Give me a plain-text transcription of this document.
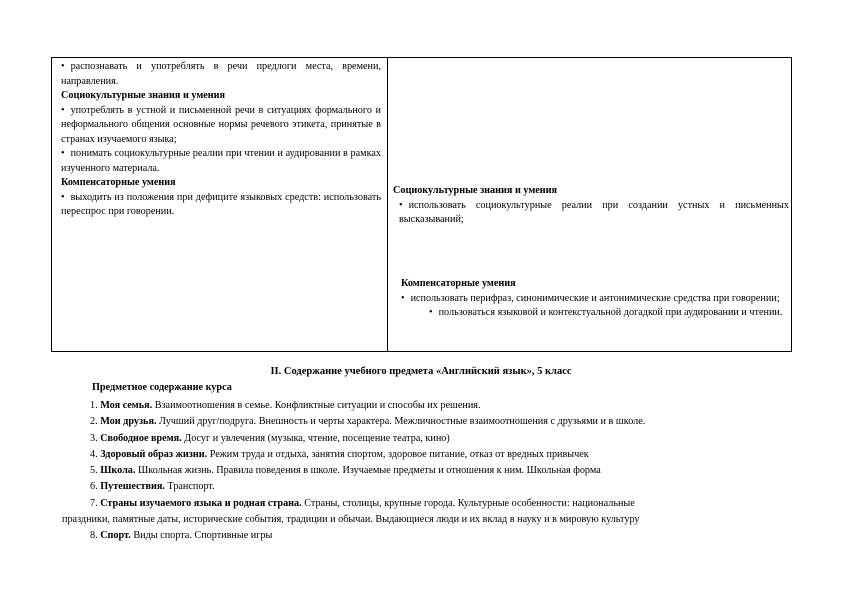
• распознавать и употреблять в речи предлоги места, времени, направления.

Социокультурные знания и умения

• употреблять в устной и письменной речи в ситуациях формального и неформального общения основные нормы речевого этикета, принятые в странах изучаемого языка;

• понимать социокультурные реалии при чтении и аудировании в рамках изученного материала.

Компенсаторные умения

• выходить из положения при дефиците языковых средств: использовать переспрос при говорении.

Социокультурные знания и умения

• использовать социокультурные реалии при создании устных и письменных высказываний;

Компенсаторные умения

• использовать перифраз, синонимические и антонимические средства при говорении;

• пользоваться языковой и контекстуальной догадкой при аудировании и чтении.

II. Содержание учебного предмета «Английский язык», 5 класс
Предметное содержание курса
1. Моя семья. Взаимоотношения в семье. Конфликтные ситуации и способы их решения.
2. Мои друзья. Лучший друг/подруга. Внешность и черты характера. Межличностные взаимоотношения с друзьями и в школе.
3. Свободное время. Досуг и увлечения (музыка, чтение, посещение театра, кино)
4. Здоровый образ жизни. Режим труда и отдыха, занятия спортом, здоровое питание, отказ от вредных привычек
5. Школа. Школьная жизнь. Правила поведения в школе. Изучаемые предметы и отношения к ним. Школьная форма
6. Путешествия. Транспорт.
7. Страны изучаемого языка и родная страна. Страны, столицы, крупные города. Культурные особенности: национальные
праздники, памятные даты, исторические события, традиции и обычаи. Выдающиеся люди и их вклад в науку и в мировую культуру
8. Спорт. Виды спорта. Спортивные игры
